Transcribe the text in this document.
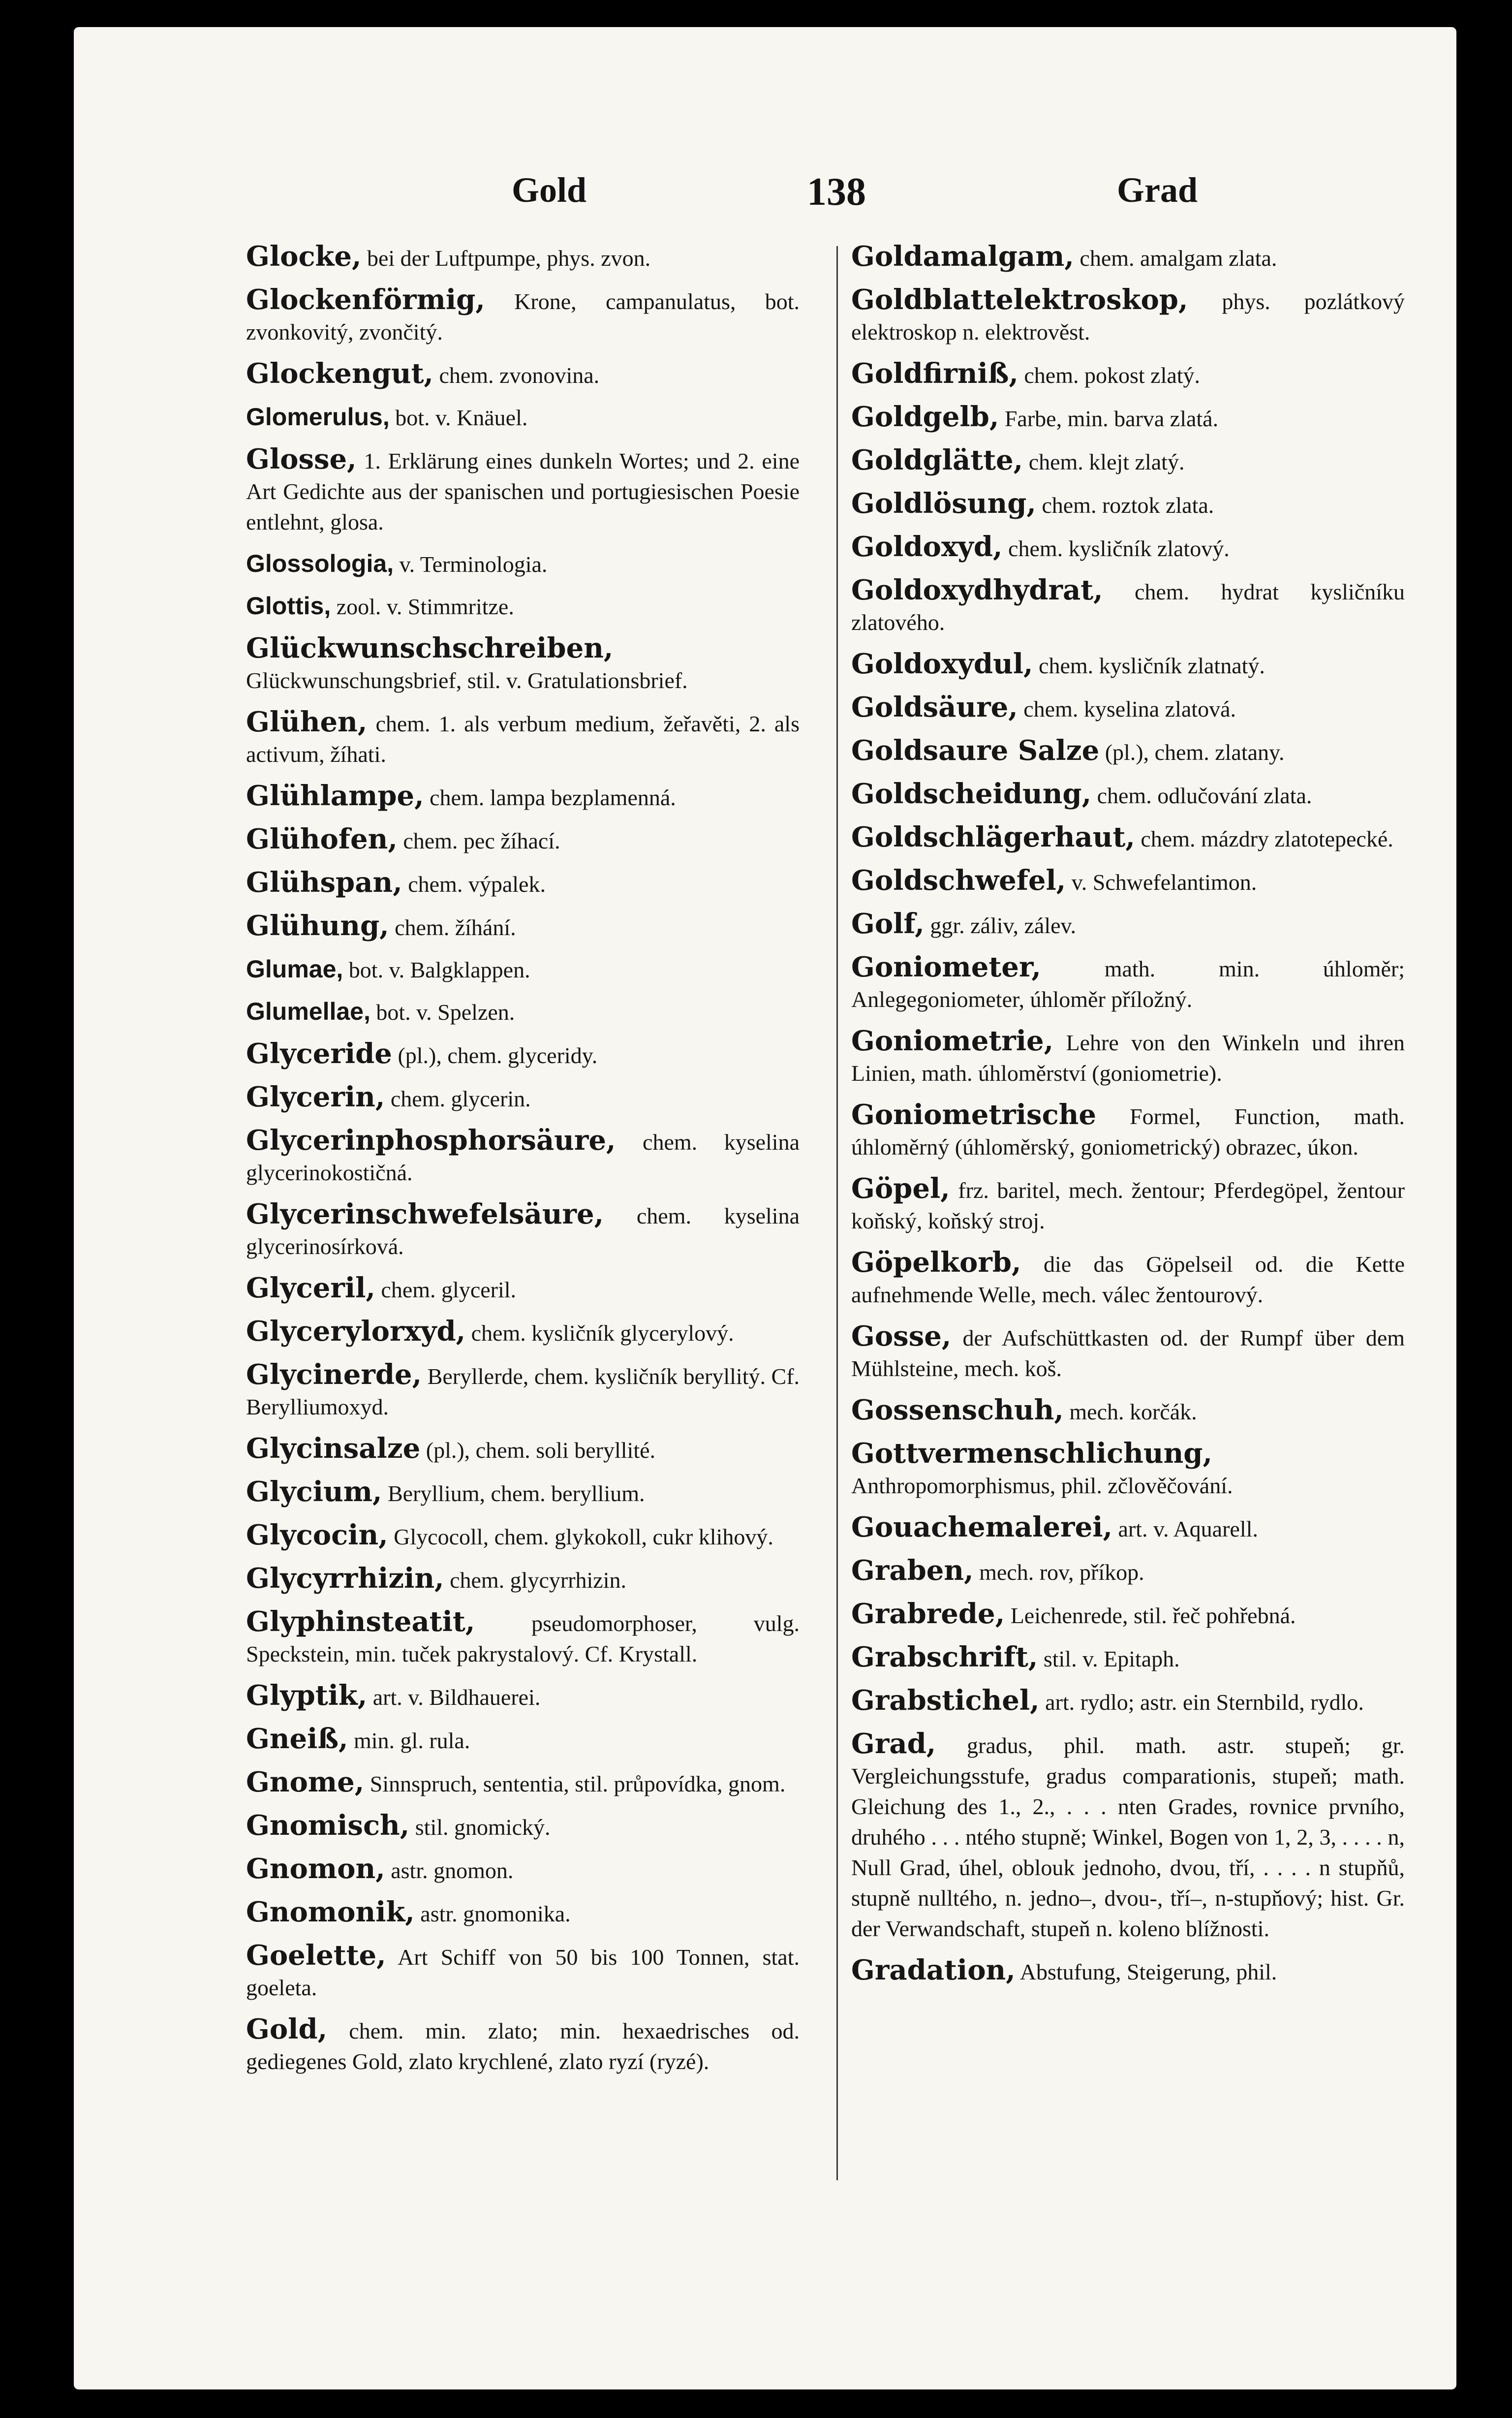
Gold	138	Grad

Glocke, bei der Luftpumpe, phys. zvon.

Glockenförmig, Krone, campanulatus, bot. zvonkovitý, zvončitý.

Glockengut, chem. zvonovina.

Glomerulus, bot. v. Knäuel.

Glosse, 1. Erklärung eines dunkeln Wortes; und 2. eine Art Gedichte aus der spanischen und portugiesischen Poesie entlehnt, glosa.

Glossologia, v. Terminologia.

Glottis, zool. v. Stimmritze.

Glückwunschschreiben, Glückwunschungsbrief, stil. v. Gratulationsbrief.

Glühen, chem. 1. als verbum medium, žeřavěti, 2. als activum, žíhati.

Glühlampe, chem. lampa bezplamenná.

Glühofen, chem. pec žíhací.

Glühspan, chem. výpalek.

Glühung, chem. žíhání.

Glumae, bot. v. Balgklappen.

Glumellae, bot. v. Spelzen.

Glyceride (pl.), chem. glyceridy.

Glycerin, chem. glycerin.

Glycerinphosphorsäure, chem. kyselina glycerinokostičná.

Glycerinschwefelsäure, chem. kyselina glycerinosírková.

Glyceril, chem. glyceril.

Glycerylorxyd, chem. kysličník glycerylový.

Glycinerde, Beryllerde, chem. kysličník beryllitý. Cf. Berylliumoxyd.

Glycinsalze (pl.), chem. soli beryllité.

Glycium, Beryllium, chem. beryllium.

Glycocin, Glycocoll, chem. glykokoll, cukr klihový.

Glycyrrhizin, chem. glycyrrhizin.

Glyphinsteatit, pseudomorphoser, vulg. Speckstein, min. tuček pakrystalový. Cf. Krystall.

Glyptik, art. v. Bildhauerei.

Gneiß, min. gl. rula.

Gnome, Sinnspruch, sententia, stil. průpovídka, gnom.

Gnomisch, stil. gnomický.

Gnomon, astr. gnomon.

Gnomonik, astr. gnomonika.

Goelette, Art Schiff von 50 bis 100 Tonnen, stat. goeleta.

Gold, chem. min. zlato; min. hexaedrisches od. gediegenes Gold, zlato krychlené, zlato ryzí (ryzé).

Goldamalgam, chem. amalgam zlata.

Goldblattelektroskop, phys. pozlátkový elektroskop n. elektrověst.

Goldfirniß, chem. pokost zlatý.

Goldgelb, Farbe, min. barva zlatá.

Goldglätte, chem. klejt zlatý.

Goldlösung, chem. roztok zlata.

Goldoxyd, chem. kysličník zlatový.

Goldoxydhydrat, chem. hydrat kysličníku zlatového.

Goldoxydul, chem. kysličník zlatnatý.

Goldsäure, chem. kyselina zlatová.

Goldsaure Salze (pl.), chem. zlatany.

Goldscheidung, chem. odlučování zlata.

Goldschlägerhaut, chem. mázdry zlatotepecké.

Goldschwefel, v. Schwefelantimon.

Golf, ggr. záliv, zálev.

Goniometer,	math. min. úhloměr; Anlegegoniometer, úhloměr příložný.

Goniometrie, Lehre von den Winkeln und ihren Linien, math. úhloměrství (goniometrie).

Goniometrische Formel, Function, math. úhloměrný (úhloměrský, goniometrický) obrazec, úkon.

Göpel, frz. baritel, mech. žentour; Pferdegöpel, žentour koňský, koňský stroj.

Göpelkorb, die das Göpelseil od. die Kette aufnehmende Welle, mech. válec žentourový.

Gosse, der Aufschüttkasten od. der Rumpf über dem Mühlsteine, mech. koš.

Gossenschuh, mech. korčák.

Gottvermenschlichung, Anthropomorphismus, phil. zčlověčování.

Gouachemalerei, art. v. Aquarell.

Graben, mech. rov, příkop.

Grabrede, Leichenrede, stil. řeč pohřebná.

Grabschrift, stil. v. Epitaph.

Grabstichel, art. rydlo; astr. ein Sternbild, rydlo.

Grad, gradus, phil. math. astr. stupeň; gr. Vergleichungsstufe, gradus comparationis, stupeň; math. Gleichung des 1., 2., . . . nten Grades, rovnice prvního, druhého . . . ntého stupně; Winkel, Bogen von 1, 2, 3, . . . . n, Null Grad, úhel, oblouk jednoho, dvou, tří, . . . . n stupňů, stupně nulltého, n. jedno–, dvou-, tří–, n-stupňový; hist. Gr. der Verwandschaft, stupeň n. koleno blížnosti.

Gradation, Abstufung, Steigerung, phil.
